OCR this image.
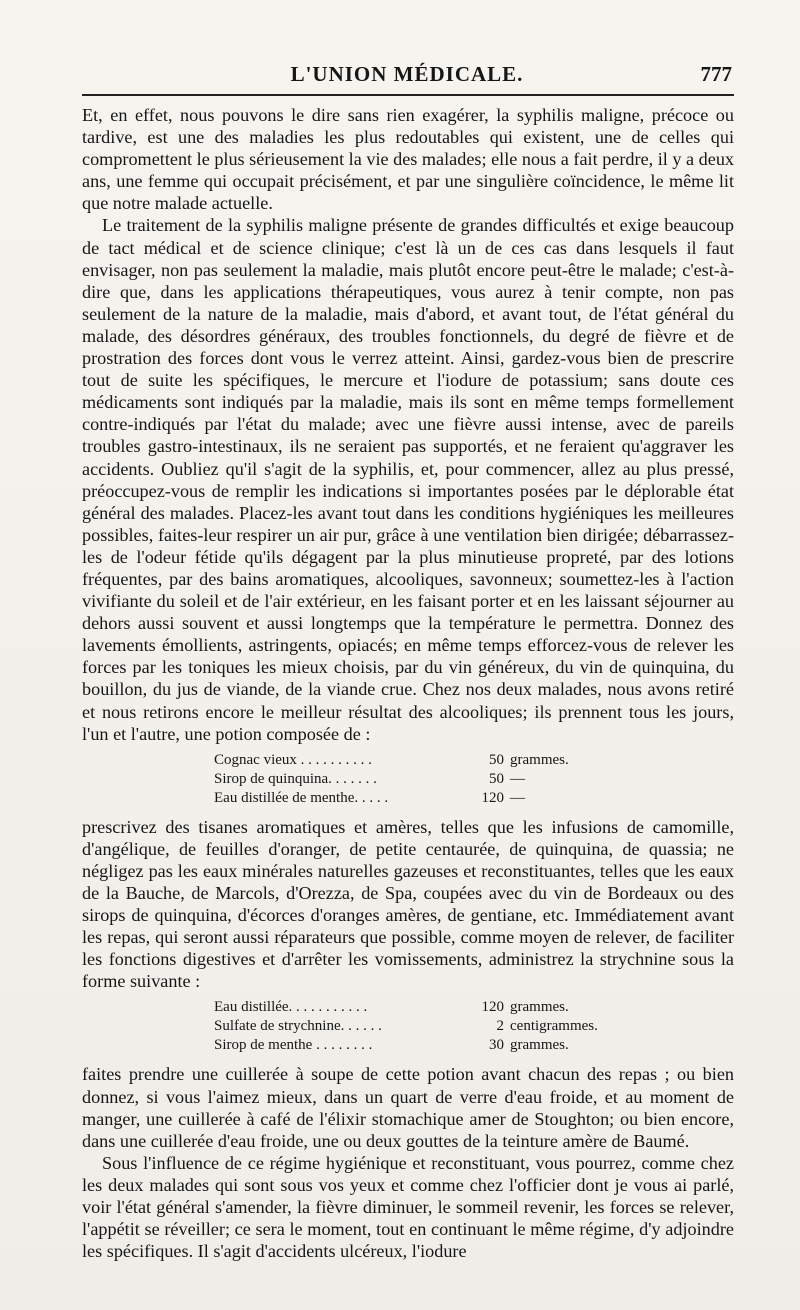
L'UNION MÉDICALE.	777

Et, en effet, nous pouvons le dire sans rien exagérer, la syphilis maligne, précoce ou tardive, est une des maladies les plus redoutables qui existent, une de celles qui compromettent le plus sérieusement la vie des malades; elle nous a fait perdre, il y a deux ans, une femme qui occupait précisément, et par une singulière coïncidence, le même lit que notre malade actuelle.

Le traitement de la syphilis maligne présente de grandes difficultés et exige beaucoup de tact médical et de science clinique; c'est là un de ces cas dans lesquels il faut envisager, non pas seulement la maladie, mais plutôt encore peut-être le malade; c'est-à-dire que, dans les applications thérapeutiques, vous aurez à tenir compte, non pas seulement de la nature de la maladie, mais d'abord, et avant tout, de l'état général du malade, des désordres généraux, des troubles fonctionnels, du degré de fièvre et de prostration des forces dont vous le verrez atteint. Ainsi, gardez-vous bien de prescrire tout de suite les spécifiques, le mercure et l'iodure de potassium; sans doute ces médicaments sont indiqués par la maladie, mais ils sont en même temps formellement contre-indiqués par l'état du malade; avec une fièvre aussi intense, avec de pareils troubles gastro-intestinaux, ils ne seraient pas supportés, et ne feraient qu'aggraver les accidents. Oubliez qu'il s'agit de la syphilis, et, pour commencer, allez au plus pressé, préoccupez-vous de remplir les indications si importantes posées par le déplorable état général des malades. Placez-les avant tout dans les conditions hygiéniques les meilleures possibles, faites-leur respirer un air pur, grâce à une ventilation bien dirigée; débarrassez-les de l'odeur fétide qu'ils dégagent par la plus minutieuse propreté, par des lotions fréquentes, par des bains aromatiques, alcooliques, savonneux; soumettez-les à l'action vivifiante du soleil et de l'air extérieur, en les faisant porter et en les laissant séjourner au dehors aussi souvent et aussi longtemps que la température le permettra. Donnez des lavements émollients, astringents, opiacés; en même temps efforcez-vous de relever les forces par les toniques les mieux choisis, par du vin généreux, du vin de quinquina, du bouillon, du jus de viande, de la viande crue. Chez nos deux malades, nous avons retiré et nous retirons encore le meilleur résultat des alcooliques; ils prennent tous les jours, l'un et l'autre, une potion composée de :

Cognac vieux . . . . . . . . . .	50 grammes.
Sirop de quinquina. . . . . . .	50 —
Eau distillée de menthe. . . . .	120 —

prescrivez des tisanes aromatiques et amères, telles que les infusions de camomille, d'angélique, de feuilles d'oranger, de petite centaurée, de quinquina, de quassia; ne négligez pas les eaux minérales naturelles gazeuses et reconstituantes, telles que les eaux de la Bauche, de Marcols, d'Orezza, de Spa, coupées avec du vin de Bordeaux ou des sirops de quinquina, d'écorces d'oranges amères, de gentiane, etc. Immédiatement avant les repas, qui seront aussi réparateurs que possible, comme moyen de relever, de faciliter les fonctions digestives et d'arrêter les vomissements, administrez la strychnine sous la forme suivante :

Eau distillée. . . . . . . . . . .	120 grammes.
Sulfate de strychnine. . . . . .	2 centigrammes.
Sirop de menthe . . . . . . . .	30 grammes.

faites prendre une cuillerée à soupe de cette potion avant chacun des repas ; ou bien donnez, si vous l'aimez mieux, dans un quart de verre d'eau froide, et au moment de manger, une cuillerée à café de l'élixir stomachique amer de Stoughton; ou bien encore, dans une cuillerée d'eau froide, une ou deux gouttes de la teinture amère de Baumé.

Sous l'influence de ce régime hygiénique et reconstituant, vous pourrez, comme chez les deux malades qui sont sous vos yeux et comme chez l'officier dont je vous ai parlé, voir l'état général s'amender, la fièvre diminuer, le sommeil revenir, les forces se relever, l'appétit se réveiller; ce sera le moment, tout en continuant le même régime, d'y adjoindre les spécifiques. Il s'agit d'accidents ulcéreux, l'iodure
